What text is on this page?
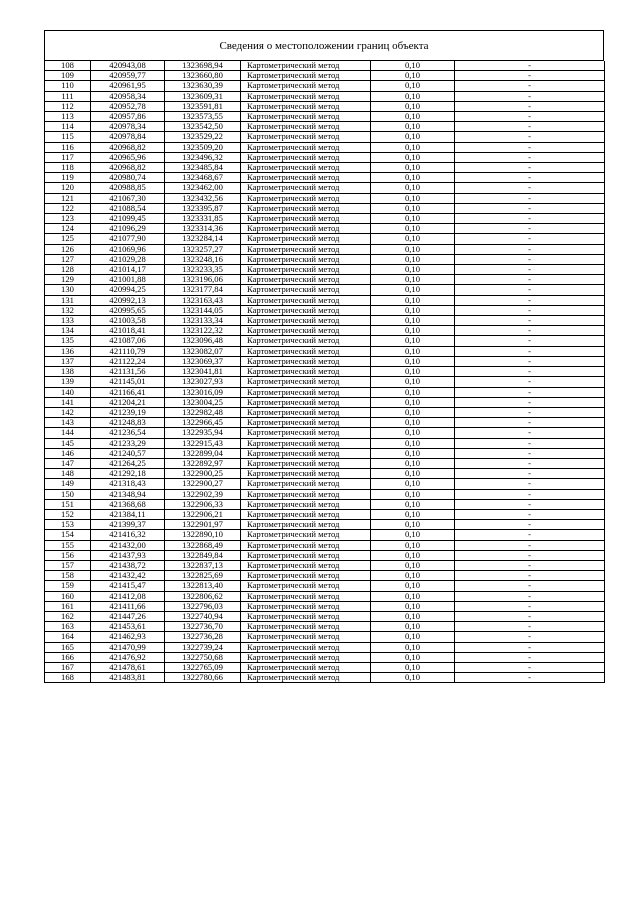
Сведения о местоположении границ объекта
108	420943,08	1323698,94	Картометрический метод	0,10	-
109	420959,77	1323660,80	Картометрический метод	0,10	-
110	420961,95	1323630,39	Картометрический метод	0,10	-
111	420958,34	1323609,31	Картометрический метод	0,10	-
112	420952,78	1323591,81	Картометрический метод	0,10	-
113	420957,86	1323573,55	Картометрический метод	0,10	-
114	420978,34	1323542,50	Картометрический метод	0,10	-
115	420978,84	1323529,22	Картометрический метод	0,10	-
116	420968,82	1323509,20	Картометрический метод	0,10	-
117	420965,96	1323496,32	Картометрический метод	0,10	-
118	420968,82	1323485,84	Картометрический метод	0,10	-
119	420980,74	1323468,67	Картометрический метод	0,10	-
120	420988,85	1323462,00	Картометрический метод	0,10	-
121	421067,30	1323432,56	Картометрический метод	0,10	-
122	421088,54	1323395,87	Картометрический метод	0,10	-
123	421099,45	1323331,85	Картометрический метод	0,10	-
124	421096,29	1323314,36	Картометрический метод	0,10	-
125	421077,90	1323284,14	Картометрический метод	0,10	-
126	421069,96	1323257,27	Картометрический метод	0,10	-
127	421029,28	1323248,16	Картометрический метод	0,10	-
128	421014,17	1323233,35	Картометрический метод	0,10	-
129	421001,88	1323196,06	Картометрический метод	0,10	-
130	420994,25	1323177,84	Картометрический метод	0,10	-
131	420992,13	1323163,43	Картометрический метод	0,10	-
132	420995,65	1323144,05	Картометрический метод	0,10	-
133	421003,58	1323133,34	Картометрический метод	0,10	-
134	421018,41	1323122,32	Картометрический метод	0,10	-
135	421087,06	1323096,48	Картометрический метод	0,10	-
136	421110,79	1323082,07	Картометрический метод	0,10	-
137	421122,24	1323069,37	Картометрический метод	0,10	-
138	421131,56	1323041,81	Картометрический метод	0,10	-
139	421145,01	1323027,93	Картометрический метод	0,10	-
140	421166,41	1323016,09	Картометрический метод	0,10	-
141	421204,21	1323004,25	Картометрический метод	0,10	-
142	421239,19	1322982,48	Картометрический метод	0,10	-
143	421248,83	1322966,45	Картометрический метод	0,10	-
144	421236,54	1322935,94	Картометрический метод	0,10	-
145	421233,29	1322915,43	Картометрический метод	0,10	-
146	421240,57	1322899,04	Картометрический метод	0,10	-
147	421264,25	1322892,97	Картометрический метод	0,10	-
148	421292,18	1322900,25	Картометрический метод	0,10	-
149	421318,43	1322900,27	Картометрический метод	0,10	-
150	421348,94	1322902,39	Картометрический метод	0,10	-
151	421368,68	1322906,33	Картометрический метод	0,10	-
152	421384,11	1322906,21	Картометрический метод	0,10	-
153	421399,37	1322901,97	Картометрический метод	0,10	-
154	421416,32	1322890,10	Картометрический метод	0,10	-
155	421432,00	1322868,49	Картометрический метод	0,10	-
156	421437,93	1322849,84	Картометрический метод	0,10	-
157	421438,72	1322837,13	Картометрический метод	0,10	-
158	421432,42	1322825,69	Картометрический метод	0,10	-
159	421415,47	1322813,40	Картометрический метод	0,10	-
160	421412,08	1322806,62	Картометрический метод	0,10	-
161	421411,66	1322796,03	Картометрический метод	0,10	-
162	421447,26	1322740,94	Картометрический метод	0,10	-
163	421453,61	1322736,70	Картометрический метод	0,10	-
164	421462,93	1322736,28	Картометрический метод	0,10	-
165	421470,99	1322739,24	Картометрический метод	0,10	-
166	421476,92	1322750,68	Картометрический метод	0,10	-
167	421478,61	1322765,09	Картометрический метод	0,10	-
168	421483,81	1322780,66	Картометрический метод	0,10	-
